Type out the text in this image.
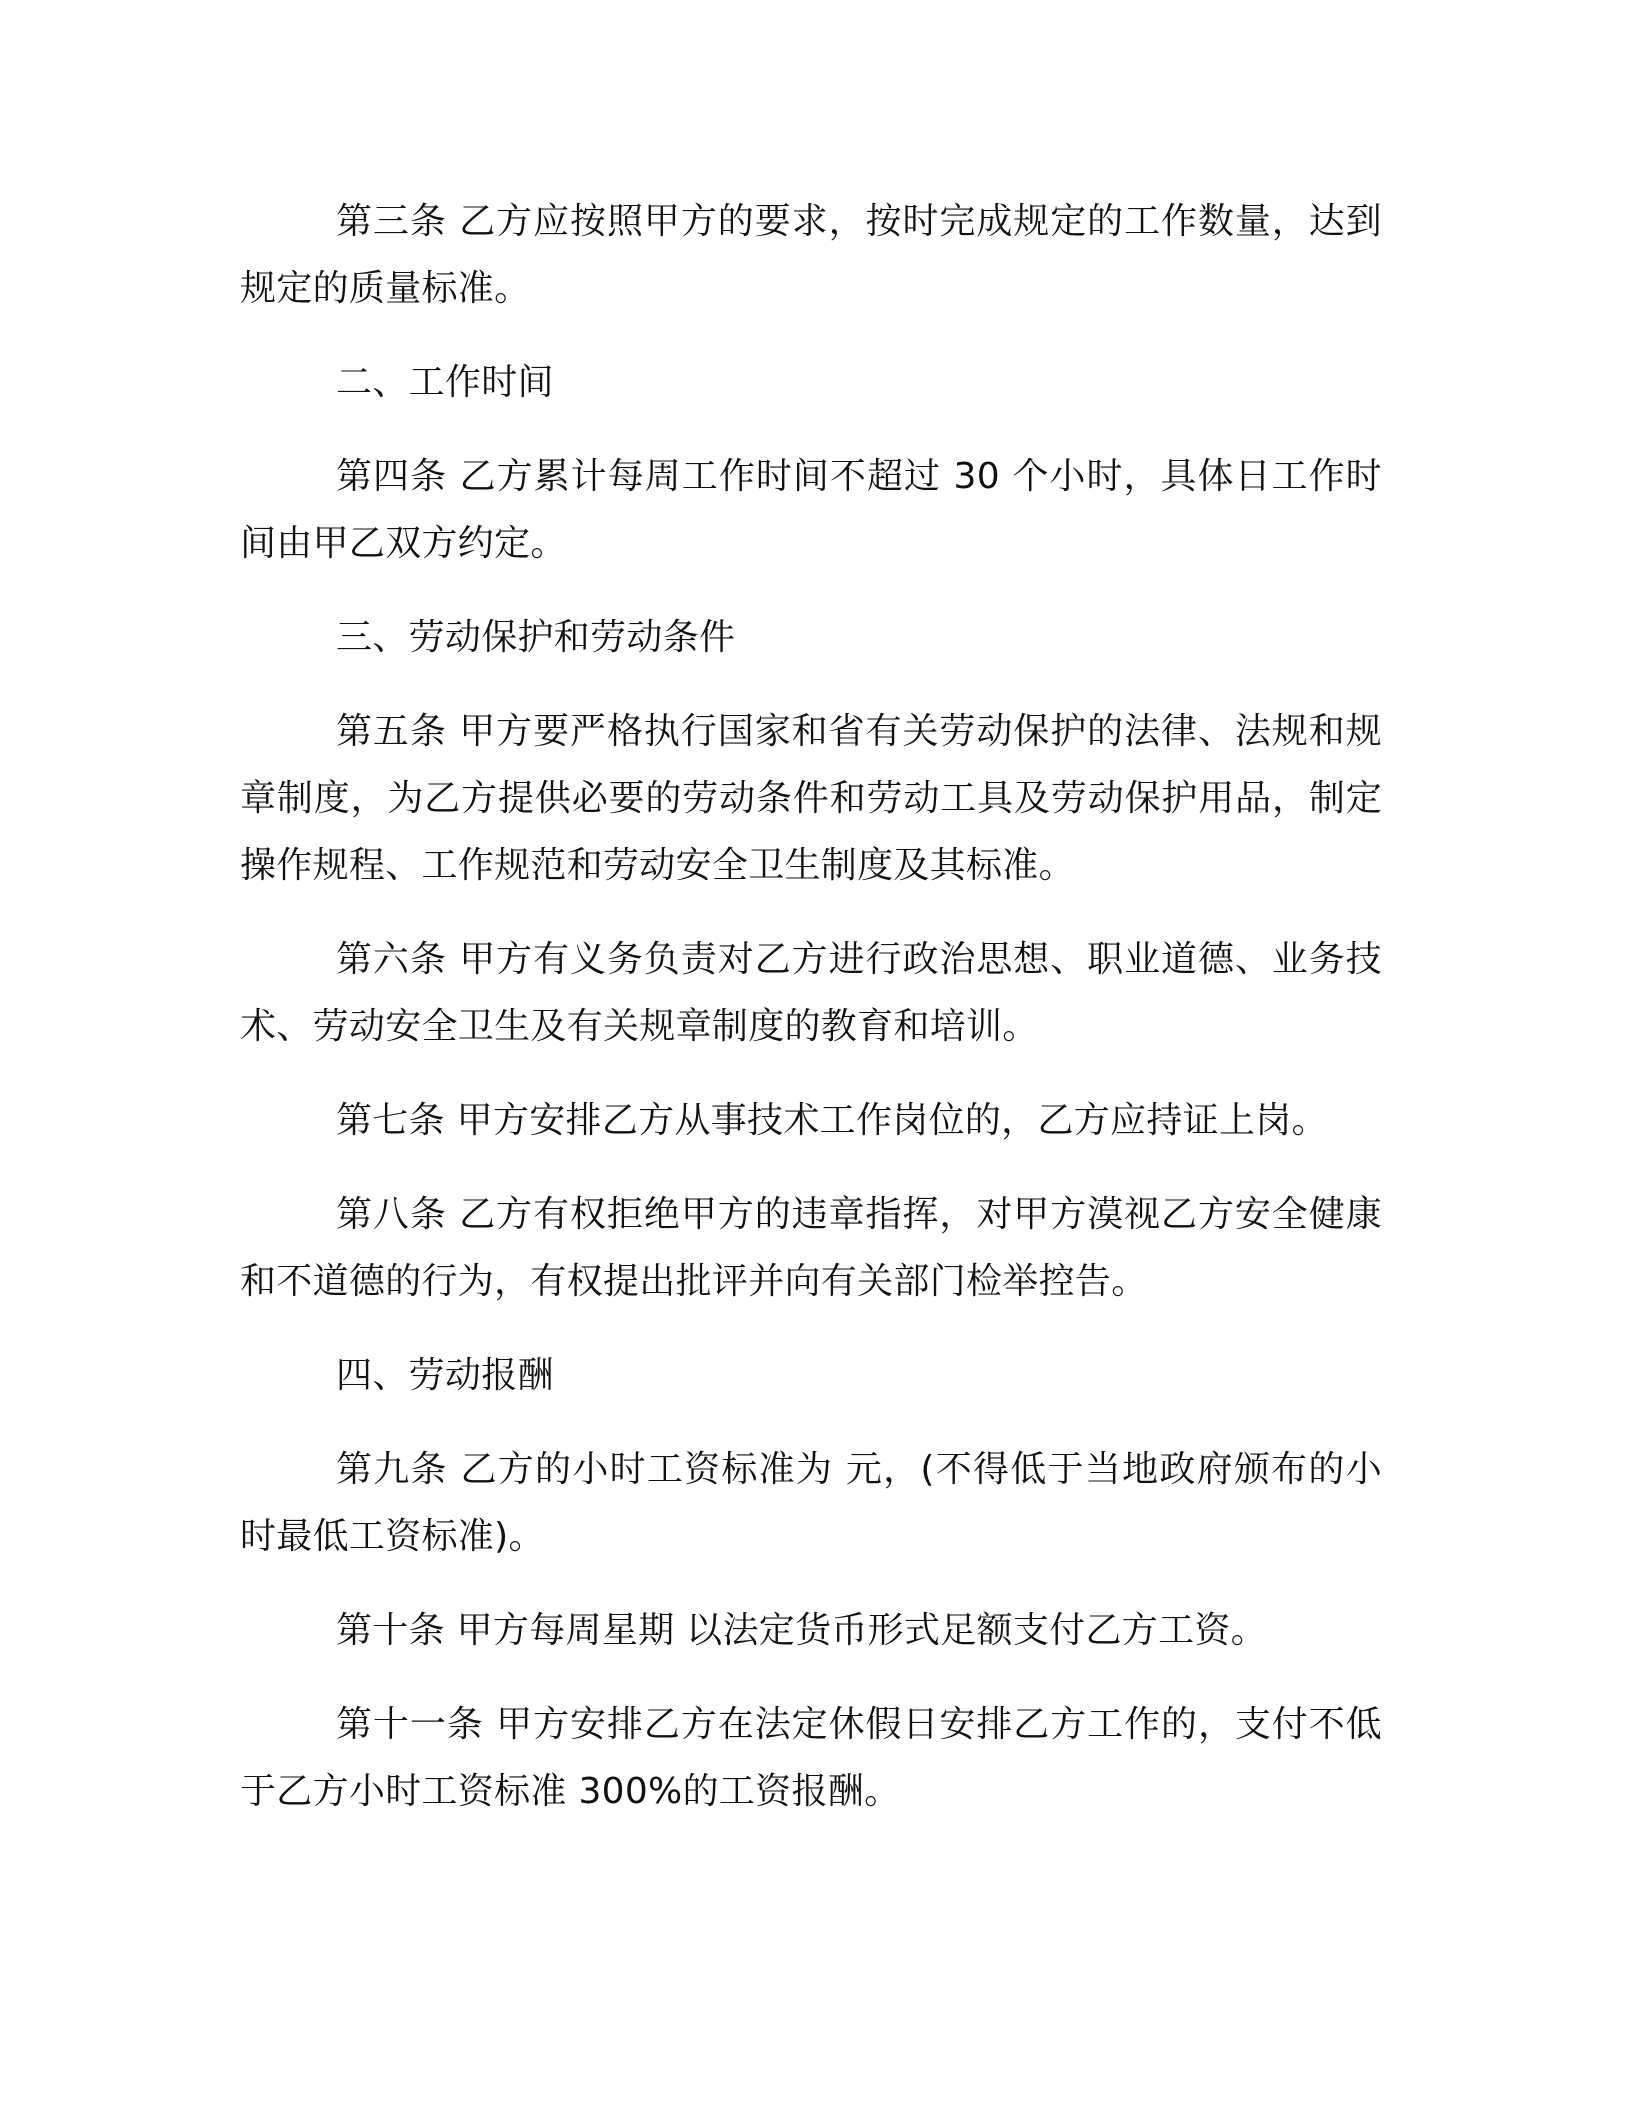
第三条 乙方应按照甲方的要求，按时完成规定的工作数量，达到规定的质量标准。

二、工作时间

第四条 乙方累计每周工作时间不超过 30 个小时，具体日工作时间由甲乙双方约定。

三、劳动保护和劳动条件

第五条 甲方要严格执行国家和省有关劳动保护的法律、法规和规章制度，为乙方提供必要的劳动条件和劳动工具及劳动保护用品，制定操作规程、工作规范和劳动安全卫生制度及其标准。

第六条 甲方有义务负责对乙方进行政治思想、职业道德、业务技术、劳动安全卫生及有关规章制度的教育和培训。

第七条 甲方安排乙方从事技术工作岗位的，乙方应持证上岗。

第八条 乙方有权拒绝甲方的违章指挥，对甲方漠视乙方安全健康和不道德的行为，有权提出批评并向有关部门检举控告。

四、劳动报酬

第九条 乙方的小时工资标准为 元，(不得低于当地政府颁布的小时最低工资标准)。

第十条 甲方每周星期 以法定货币形式足额支付乙方工资。

第十一条 甲方安排乙方在法定休假日安排乙方工作的，支付不低于乙方小时工资标准 300%的工资报酬。
